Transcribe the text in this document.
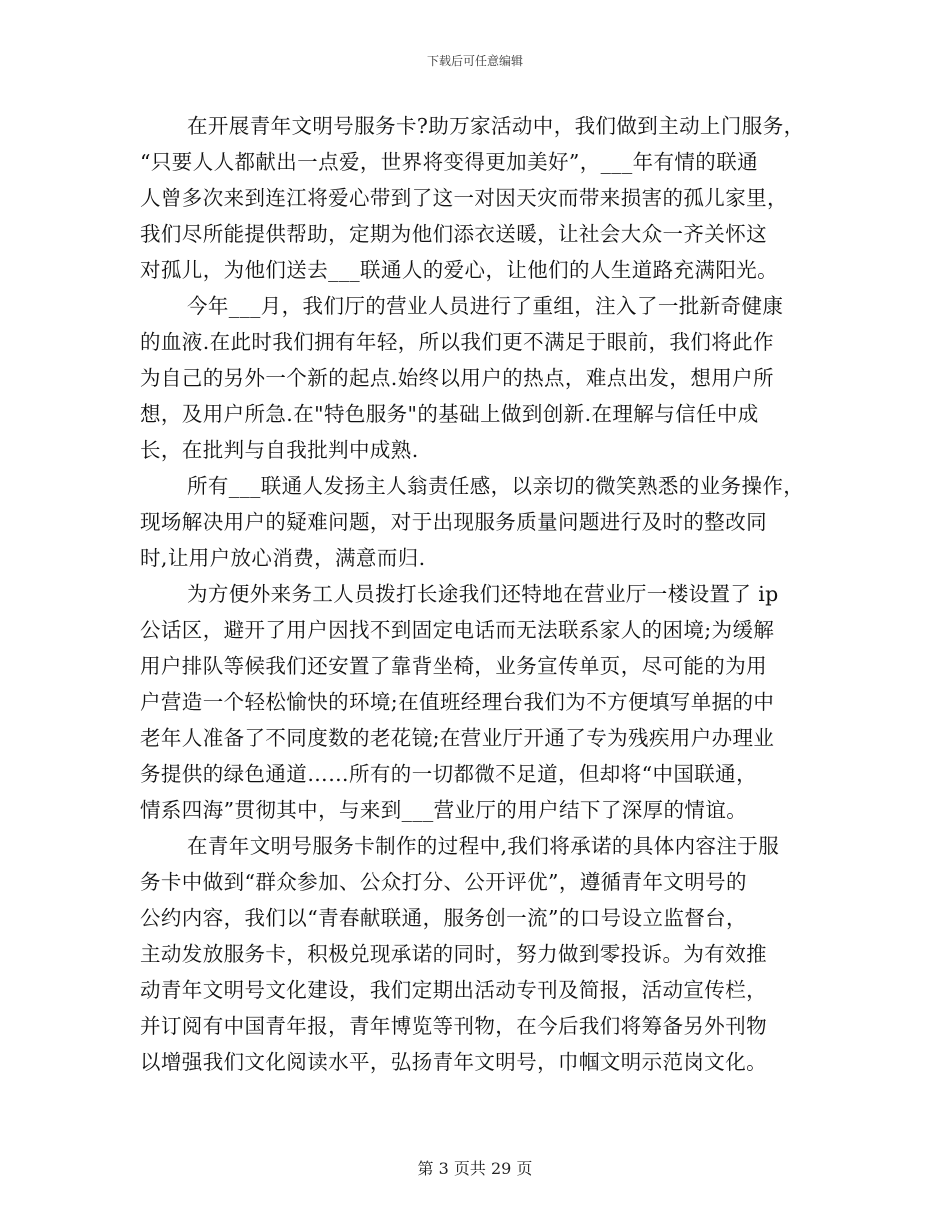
下载后可任意编辑
在开展青年文明号服务卡?助万家活动中，我们做到主动上门服务，
“只要人人都献出一点爱，世界将变得更加美好”，___年有情的联通
人曾多次来到连江将爱心带到了这一对因天灾而带来损害的孤儿家里，
我们尽所能提供帮助，定期为他们添衣送暖，让社会大众一齐关怀这
对孤儿，为他们送去___联通人的爱心，让他们的人生道路充满阳光。
今年___月，我们厅的营业人员进行了重组，注入了一批新奇健康
的血液.在此时我们拥有年轻，所以我们更不满足于眼前，我们将此作
为自己的另外一个新的起点.始终以用户的热点，难点出发，想用户所
想，及用户所急.在"特色服务"的基础上做到创新.在理解与信任中成
长，在批判与自我批判中成熟.
所有___联通人发扬主人翁责任感，以亲切的微笑熟悉的业务操作，
现场解决用户的疑难问题，对于出现服务质量问题进行及时的整改同
时,让用户放心消费，满意而归.
为方便外来务工人员拨打长途我们还特地在营业厅一楼设置了 ip
公话区，避开了用户因找不到固定电话而无法联系家人的困境;为缓解
用户排队等候我们还安置了靠背坐椅，业务宣传单页，尽可能的为用
户营造一个轻松愉快的环境;在值班经理台我们为不方便填写单据的中
老年人准备了不同度数的老花镜;在营业厅开通了专为残疾用户办理业
务提供的绿色通道……所有的一切都微不足道，但却将“中国联通，
情系四海”贯彻其中，与来到___营业厅的用户结下了深厚的情谊。
在青年文明号服务卡制作的过程中,我们将承诺的具体内容注于服
务卡中做到“群众参加、公众打分、公开评优”，遵循青年文明号的
公约内容，我们以“青春献联通，服务创一流”的口号设立监督台，
主动发放服务卡，积极兑现承诺的同时，努力做到零投诉。为有效推
动青年文明号文化建设，我们定期出活动专刊及简报，活动宣传栏，
并订阅有中国青年报，青年博览等刊物，在今后我们将筹备另外刊物
以增强我们文化阅读水平，弘扬青年文明号，巾帼文明示范岗文化。
第 3 页共 29 页
